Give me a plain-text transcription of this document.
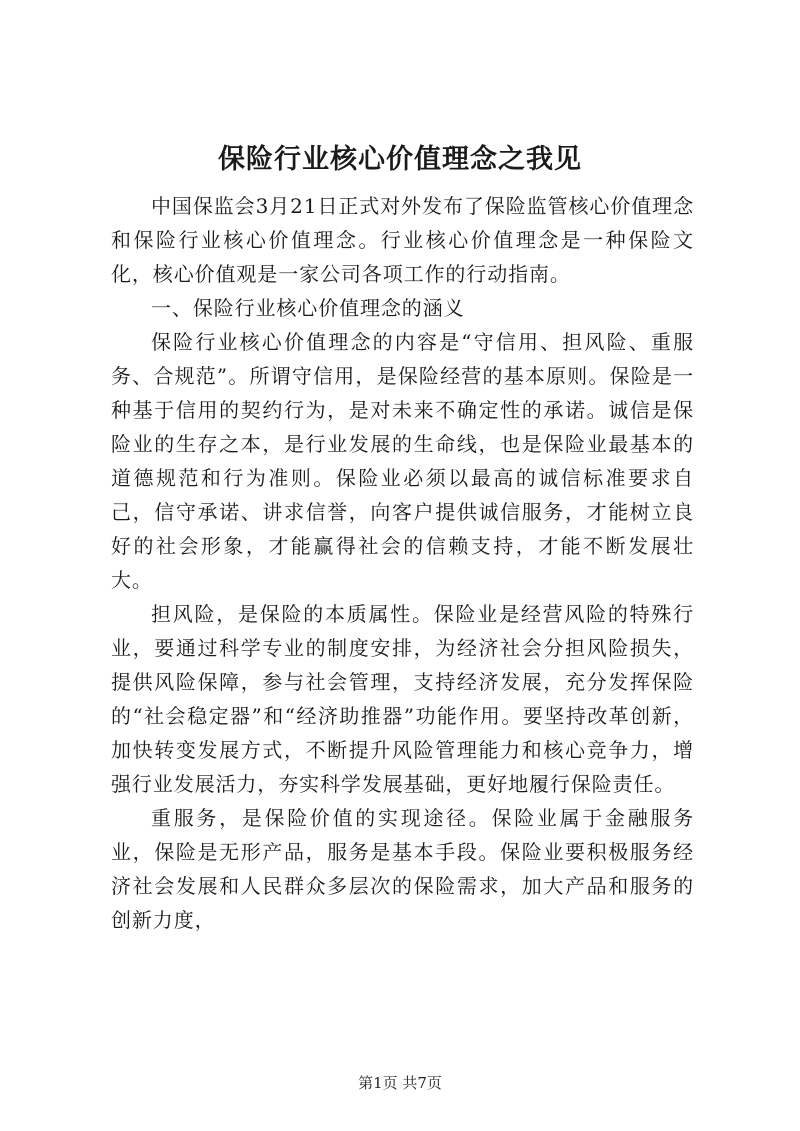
保险行业核心价值理念之我见

中国保监会3月21日正式对外发布了保险监管核心价值理念和保险行业核心价值理念。行业核心价值理念是一种保险文化，核心价值观是一家公司各项工作的行动指南。

一、保险行业核心价值理念的涵义

保险行业核心价值理念的内容是“守信用、担风险、重服务、合规范”。所谓守信用，是保险经营的基本原则。保险是一种基于信用的契约行为，是对未来不确定性的承诺。诚信是保险业的生存之本，是行业发展的生命线，也是保险业最基本的道德规范和行为准则。保险业必须以最高的诚信标准要求自己，信守承诺、讲求信誉，向客户提供诚信服务，才能树立良好的社会形象，才能赢得社会的信赖支持，才能不断发展壮大。

担风险，是保险的本质属性。保险业是经营风险的特殊行业，要通过科学专业的制度安排，为经济社会分担风险损失，提供风险保障，参与社会管理，支持经济发展，充分发挥保险的“社会稳定器”和“经济助推器”功能作用。要坚持改革创新，加快转变发展方式，不断提升风险管理能力和核心竞争力，增强行业发展活力，夯实科学发展基础，更好地履行保险责任。

重服务，是保险价值的实现途径。保险业属于金融服务业，保险是无形产品，服务是基本手段。保险业要积极服务经济社会发展和人民群众多层次的保险需求，加大产品和服务的创新力度，

第1页 共7页
